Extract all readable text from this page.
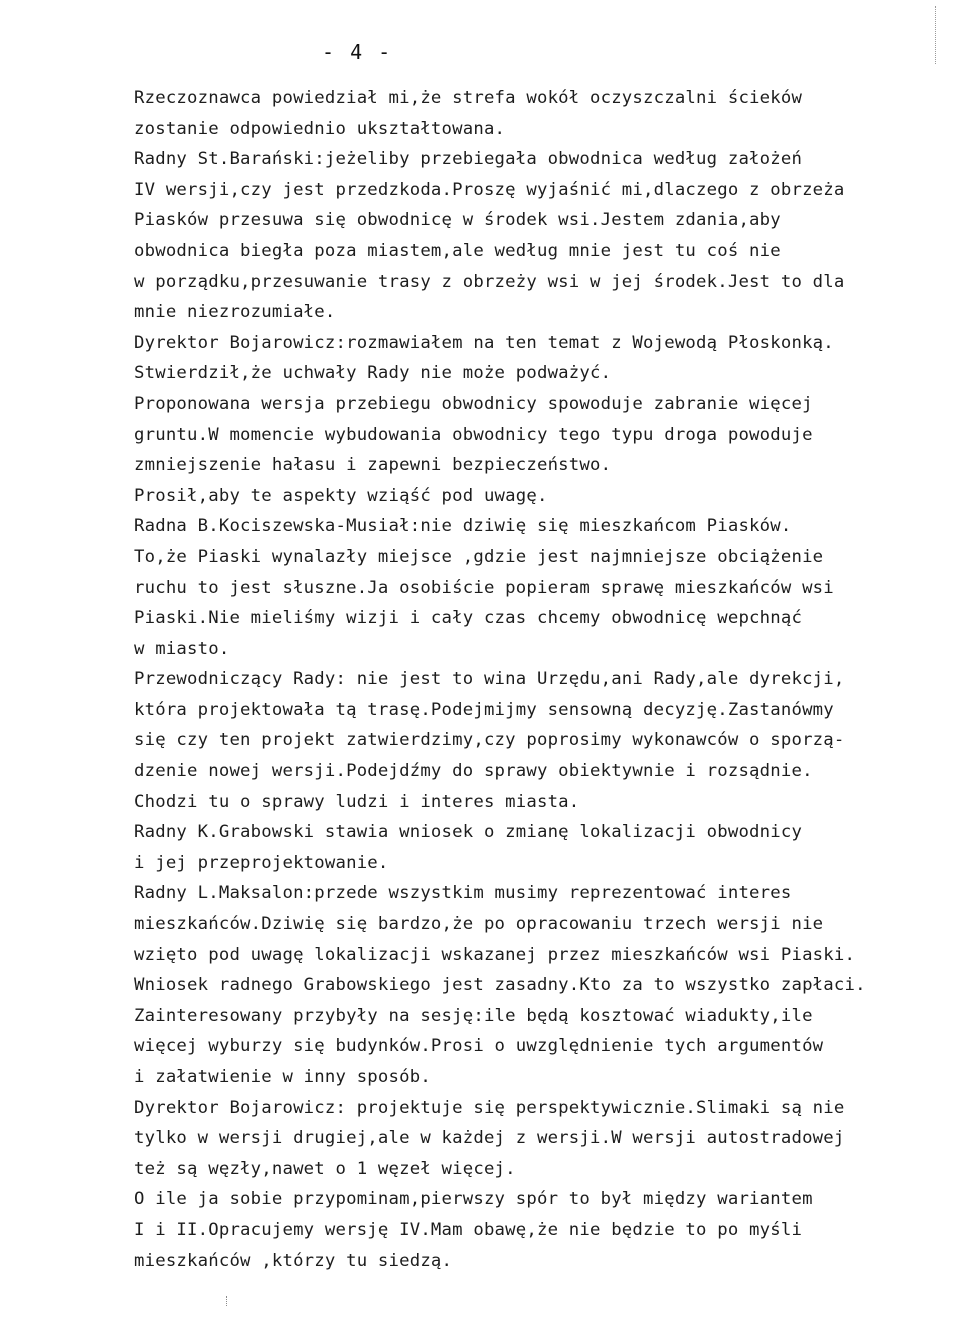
- 4 -
Rzeczoznawca powiedział mi,że strefa wokół oczyszczalni ścieków
zostanie odpowiednio ukształtowana.
Radny St.Barański:jeżeliby przebiegała obwodnica według założeń
IV wersji,czy jest przedzkoda.Proszę wyjaśnić mi,dlaczego z obrzeża
Piasków przesuwa się obwodnicę w środek wsi.Jestem zdania,aby
obwodnica biegła poza miastem,ale według mnie jest tu coś nie
w porządku,przesuwanie trasy z obrzeży wsi w jej środek.Jest to dla
mnie niezrozumiałe.
Dyrektor Bojarowicz:rozmawiałem na ten temat z Wojewodą Płoskonką.
Stwierdził,że uchwały Rady nie może podważyć.
Proponowana wersja przebiegu obwodnicy spowoduje zabranie więcej
gruntu.W momencie wybudowania obwodnicy tego typu droga powoduje
zmniejszenie hałasu i zapewni bezpieczeństwo.
Prosił,aby te aspekty wziąść pod uwagę.
Radna B.Kociszewska-Musiał:nie dziwię się mieszkańcom Piasków.
To,że Piaski wynalazły miejsce ,gdzie jest najmniejsze obciążenie
ruchu to jest słuszne.Ja osobiście popieram sprawę mieszkańców wsi
Piaski.Nie mieliśmy wizji i cały czas chcemy obwodnicę wepchnąć
w miasto.
Przewodniczący Rady: nie jest to wina Urzędu,ani Rady,ale dyrekcji,
która projektowała tą trasę.Podejmijmy sensowną decyzję.Zastanówmy
się czy ten projekt zatwierdzimy,czy poprosimy wykonawców o sporzą-
dzenie nowej wersji.Podejdźmy do sprawy obiektywnie i rozsądnie.
Chodzi tu o sprawy ludzi i interes miasta.
Radny K.Grabowski stawia wniosek o zmianę lokalizacji obwodnicy
i jej przeprojektowanie.
Radny L.Maksalon:przede wszystkim musimy reprezentować interes
mieszkańców.Dziwię się bardzo,że po opracowaniu trzech wersji nie
wzięto pod uwagę lokalizacji wskazanej przez mieszkańców wsi Piaski.
Wniosek radnego Grabowskiego jest zasadny.Kto za to wszystko zapłaci.
Zainteresowany przybyły na sesję:ile będą kosztować wiadukty,ile
więcej wyburzy się budynków.Prosi o uwzględnienie tych argumentów
i załatwienie w inny sposób.
Dyrektor Bojarowicz: projektuje się perspektywicznie.Slimaki są nie
tylko w wersji drugiej,ale w każdej z wersji.W wersji autostradowej
też są węzły,nawet o 1 węzeł więcej.
O ile ja sobie przypominam,pierwszy spór to był między wariantem
I i II.Opracujemy wersję IV.Mam obawę,że nie będzie to po myśli
mieszkańców ,którzy tu siedzą.
